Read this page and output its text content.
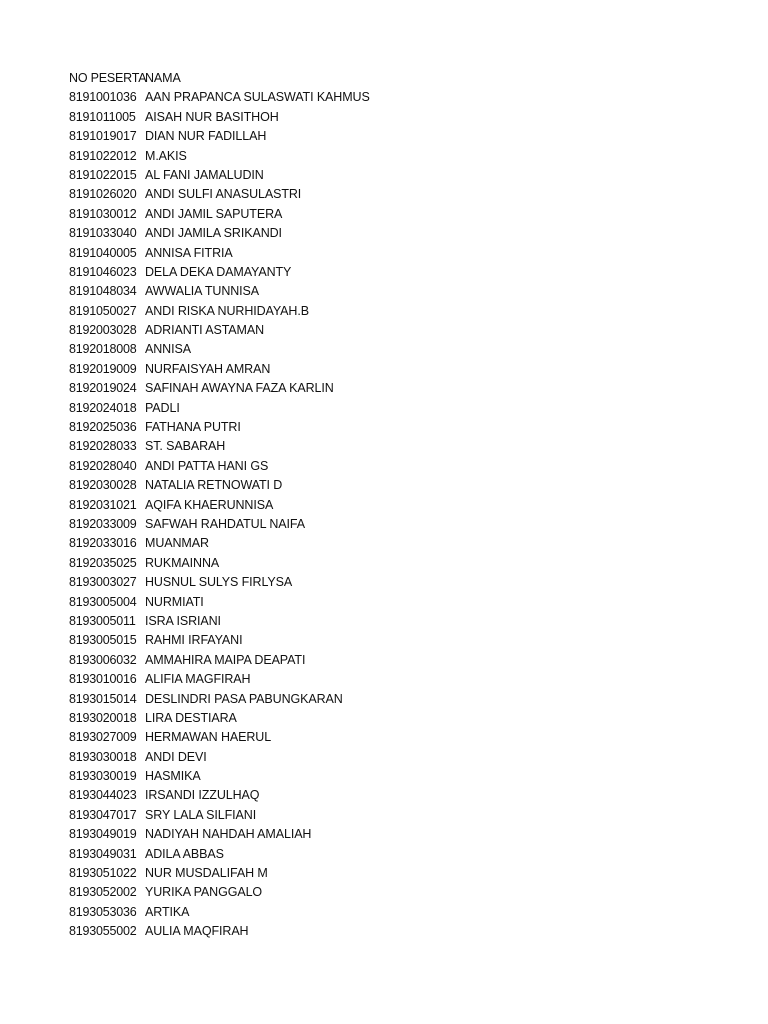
NO PESERTA
NAMA
8191001036 AAN PRAPANCA SULASWATI KAHMUS
8191011005 AISAH NUR BASITHOH
8191019017 DIAN NUR FADILLAH
8191022012 M.AKIS
8191022015 AL FANI JAMALUDIN
8191026020 ANDI SULFI ANASULASTRI
8191030012 ANDI JAMIL SAPUTERA
8191033040 ANDI JAMILA SRIKANDI
8191040005 ANNISA FITRIA
8191046023 DELA DEKA DAMAYANTY
8191048034 AWWALIA TUNNISA
8191050027 ANDI RISKA NURHIDAYAH.B
8192003028 ADRIANTI ASTAMAN
8192018008 ANNISA
8192019009 NURFAISYAH AMRAN
8192019024 SAFINAH AWAYNA FAZA KARLIN
8192024018 PADLI
8192025036 FATHANA PUTRI
8192028033 ST. SABARAH
8192028040 ANDI PATTA HANI GS
8192030028 NATALIA RETNOWATI D
8192031021 AQIFA KHAERUNNISA
8192033009 SAFWAH RAHDATUL NAIFA
8192033016 MUANMAR
8192035025 RUKMAINNA
8193003027 HUSNUL SULYS FIRLYSA
8193005004 NURMIATI
8193005011 ISRA ISRIANI
8193005015 RAHMI IRFAYANI
8193006032 AMMAHIRA MAIPA DEAPATI
8193010016 ALIFIA MAGFIRAH
8193015014 DESLINDRI PASA PABUNGKARAN
8193020018 LIRA DESTIARA
8193027009 HERMAWAN HAERUL
8193030018 ANDI DEVI
8193030019 HASMIKA
8193044023 IRSANDI IZZULHAQ
8193047017 SRY LALA SILFIANI
8193049019 NADIYAH NAHDAH AMALIAH
8193049031 ADILA ABBAS
8193051022 NUR MUSDALIFAH M
8193052002 YURIKA PANGGALO
8193053036 ARTIKA
8193055002 AULIA MAQFIRAH
